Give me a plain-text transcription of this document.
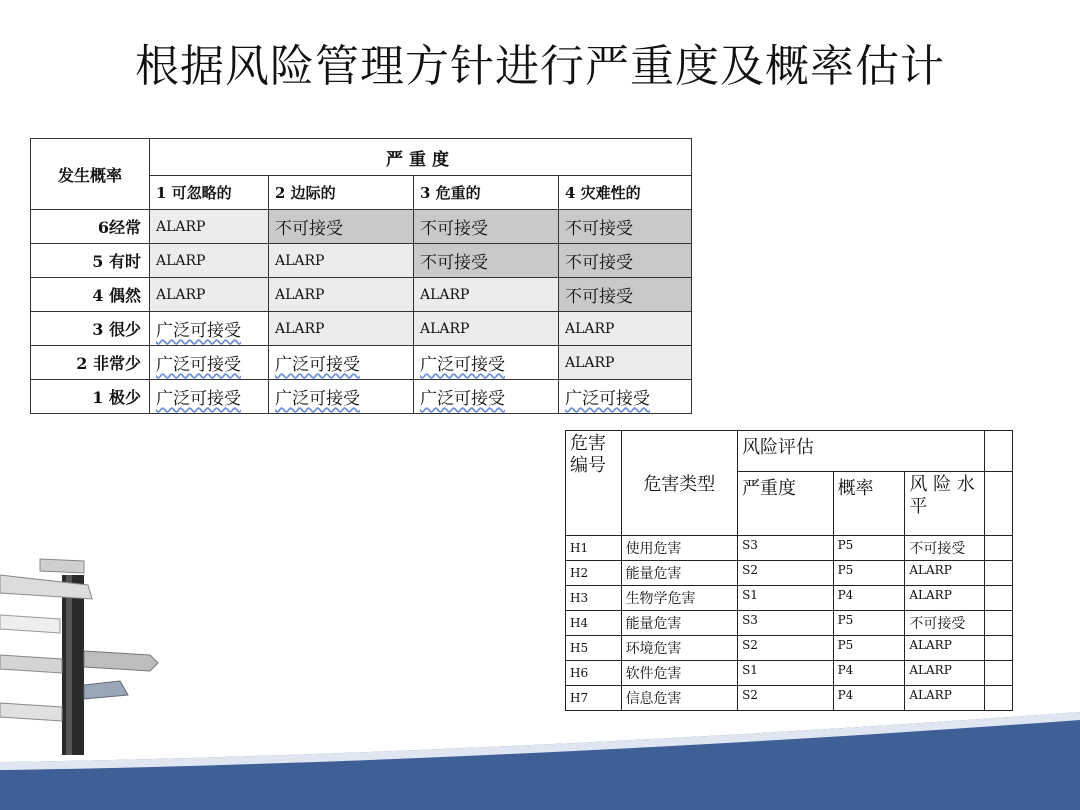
根据风险管理方针进行严重度及概率估计
发生概率	严重度			
	1 可忽略的	2 边际的	3 危重的	4 灾难性的
6经常	ALARP	不可接受	不可接受	不可接受
5 有时	ALARP	ALARP	不可接受	不可接受
4 偶然	ALARP	ALARP	ALARP	不可接受
3 很少	广泛可接受	ALARP	ALARP	ALARP
2 非常少	广泛可接受	广泛可接受	广泛可接受	ALARP
1 极少	广泛可接受	广泛可接受	广泛可接受	广泛可接受
危害编号	危害类型	风险评估			
		严重度	概率	风 险 水 平	
H1	使用危害	S3	P5	不可接受	
H2	能量危害	S2	P5	ALARP	
H3	生物学危害	S1	P4	ALARP	
H4	能量危害	S3	P5	不可接受	
H5	环境危害	S2	P5	ALARP	
H6	软件危害	S1	P4	ALARP	
H7	信息危害	S2	P4	ALARP	
